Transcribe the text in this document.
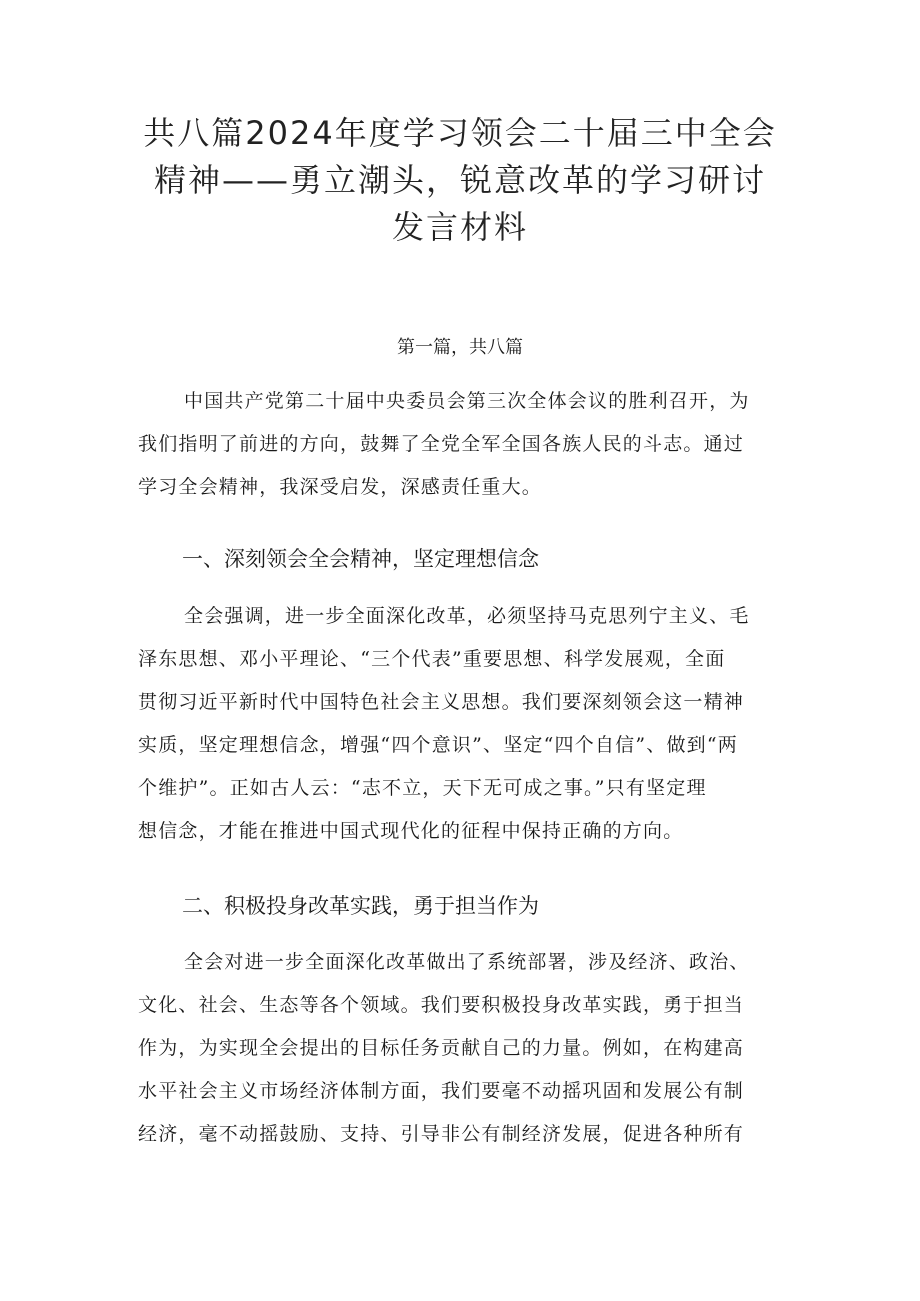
共八篇2024年度学习领会二十届三中全会
精神——勇立潮头，锐意改革的学习研讨
发言材料
第一篇，共八篇
中国共产党第二十届中央委员会第三次全体会议的胜利召开，为
我们指明了前进的方向，鼓舞了全党全军全国各族人民的斗志。通过
学习全会精神，我深受启发，深感责任重大。
一、深刻领会全会精神，坚定理想信念
全会强调，进一步全面深化改革，必须坚持马克思列宁主义、毛
泽东思想、邓小平理论、“三个代表”重要思想、科学发展观，全面
贯彻习近平新时代中国特色社会主义思想。我们要深刻领会这一精神
实质，坚定理想信念，增强“四个意识”、坚定“四个自信”、做到“两
个维护”。正如古人云：“志不立，天下无可成之事。”只有坚定理
想信念，才能在推进中国式现代化的征程中保持正确的方向。
二、积极投身改革实践，勇于担当作为
全会对进一步全面深化改革做出了系统部署，涉及经济、政治、
文化、社会、生态等各个领域。我们要积极投身改革实践，勇于担当
作为，为实现全会提出的目标任务贡献自己的力量。例如，在构建高
水平社会主义市场经济体制方面，我们要毫不动摇巩固和发展公有制
经济，毫不动摇鼓励、支持、引导非公有制经济发展，促进各种所有
